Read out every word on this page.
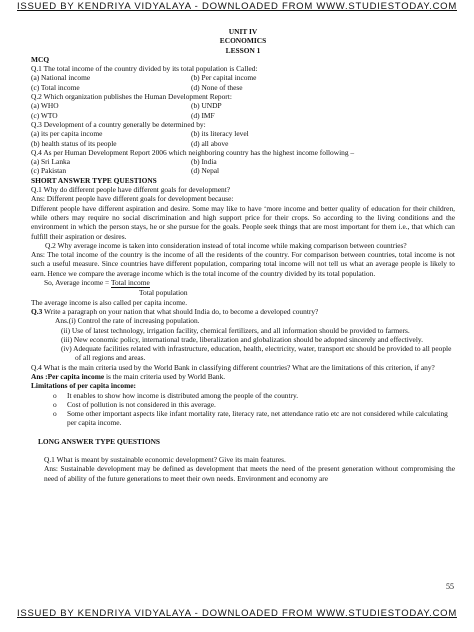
ISSUED BY KENDRIYA VIDYALAYA - DOWNLOADED FROM WWW.STUDIESTODAY.COM

UNIT IV

ECONOMICS

LESSON 1

MCQ

Q.1 The total income of the country divided by its total population is Called:

(a) National income	(b) Per capital income
(c) Total income	(d) None of these

Q.2 Which organization publishes the Human Development Report:

(a) WHO	(b) UNDP
(c) WTO	(d) IMF

Q.3 Development of a country generally be determined by:

(a) its per capita income	(b) its literacy level
(b) health status of its people	(d) all above

Q.4 As per Human Development Report 2006 which neighboring country has the highest income following –

(a) Sri Lanka	(b) India
(c) Pakistan	(d) Nepal

SHORT ANSWER TYPE QUESTIONS

Q.1 Why do different people have different goals for development?

Ans: Different people have different goals for development because:

Different people have different aspiration and desire. Some may like to have ‘more income and better quality of education for their children, while others may require no social discrimination and high support price for their crops. So according to the living conditions and the environment in which the person stays, he or she pursue for the goals. People seek things that are most important for them i.e., that which can fulfill their aspiration or desires.

Q.2 Why average income is taken into consideration instead of total income while making comparison between countries?

Ans: The total income of the country is the income of all the residents of the country. For comparison between countries, total income is not such a useful measure. Since countries have different population, comparing total income will not tell us what an average people is likely to earn. Hence we compare the average income which is the total income of the country divided by its total population.

So, Average income = Total income

Total population

The average income is also called per capita income.

Q.3 Write a paragraph on your nation that what should India do, to become a developed country?

Ans.(i) Control the rate of increasing population.

(ii) Use of latest technology, irrigation facility, chemical fertilizers, and all information should be provided to farmers.

(iii) New economic policy, international trade, liberalization and globalization should be adopted sincerely and effectively.

(iv) Adequate facilities related with infrastructure, education, health, electricity, water, transport etc should be provided to all people of all regions and areas.

Q.4 What is the main criteria used by the World Bank in classifying different countries? What are the limitations of this criterion, if any?

Ans :Per capita income is the main criteria used by World Bank.

Limitations of per capita income:

o It enables to show how income is distributed among the people of the country.
o Cost of pollution is not considered in this average.
o Some other important aspects like infant mortality rate, literacy rate, net attendance ratio etc are not considered while calculating per capita income.

LONG ANSWER TYPE QUESTIONS

Q.1 What is meant by sustainable economic development? Give its main features.

Ans: Sustainable development may be defined as development that meets the need of the present generation without compromising the need of ability of the future generations to meet their own needs. Environment and economy are

55
ISSUED BY KENDRIYA VIDYALAYA - DOWNLOADED FROM WWW.STUDIESTODAY.COM
